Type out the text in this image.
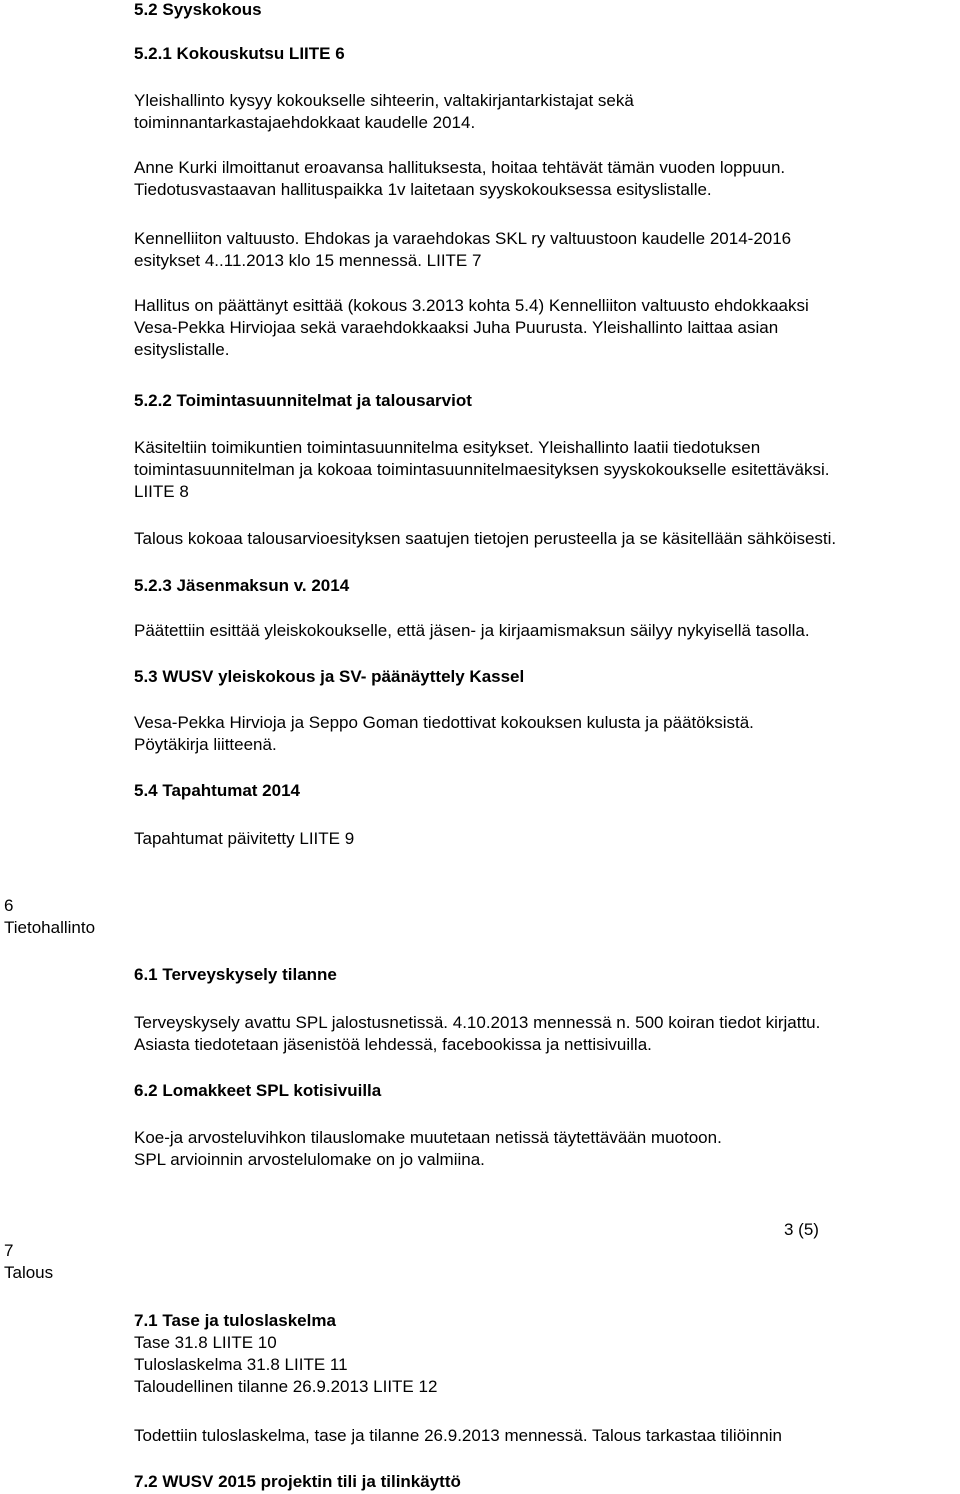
5.2 Syyskokous
5.2.1 Kokouskutsu LIITE 6
Yleishallinto kysyy kokoukselle sihteerin, valtakirjantarkistajat sekä
toiminnantarkastajaehdokkaat kaudelle 2014.
Anne Kurki ilmoittanut eroavansa hallituksesta, hoitaa tehtävät tämän vuoden loppuun.
Tiedotusvastaavan hallituspaikka 1v laitetaan syyskokouksessa esityslistalle.
Kennelliiton valtuusto. Ehdokas ja varaehdokas SKL ry valtuustoon kaudelle 2014-2016
esitykset 4..11.2013 klo 15 mennessä. LIITE 7
Hallitus on päättänyt esittää (kokous 3.2013 kohta 5.4) Kennelliiton valtuusto ehdokkaaksi
Vesa-Pekka Hirviojaa sekä varaehdokkaaksi Juha Puurusta. Yleishallinto laittaa asian
esityslistalle.
5.2.2 Toimintasuunnitelmat ja talousarviot
Käsiteltiin toimikuntien toimintasuunnitelma esitykset. Yleishallinto laatii tiedotuksen
toimintasuunnitelman ja kokoaa toimintasuunnitelmaesityksen syyskokoukselle esitettäväksi.
LIITE 8
Talous kokoaa talousarvioesityksen saatujen tietojen perusteella ja se käsitellään sähköisesti.
5.2.3 Jäsenmaksun v. 2014
Päätettiin esittää yleiskokoukselle, että jäsen- ja kirjaamismaksun säilyy nykyisellä tasolla.
5.3 WUSV yleiskokous ja SV- päänäyttely Kassel
Vesa-Pekka Hirvioja ja Seppo Goman tiedottivat kokouksen kulusta ja päätöksistä.
Pöytäkirja liitteenä.
5.4 Tapahtumat 2014
Tapahtumat päivitetty LIITE 9
6
Tietohallinto
6.1 Terveyskysely tilanne
Terveyskysely avattu SPL jalostusnetissä. 4.10.2013 mennessä n. 500 koiran tiedot kirjattu.
Asiasta tiedotetaan jäsenistöä lehdessä, facebookissa ja nettisivuilla.
6.2 Lomakkeet SPL kotisivuilla
Koe-ja arvosteluvihkon tilauslomake muutetaan netissä täytettävään muotoon.
SPL arvioinnin arvostelulomake on jo valmiina.
3 (5)
7
Talous
7.1 Tase ja tuloslaskelma
Tase 31.8 LIITE 10
Tuloslaskelma 31.8 LIITE 11
Taloudellinen tilanne 26.9.2013 LIITE 12
Todettiin tuloslaskelma, tase ja tilanne 26.9.2013 mennessä. Talous tarkastaa tiliöinnin
7.2 WUSV 2015 projektin tili ja tilinkäyttö
